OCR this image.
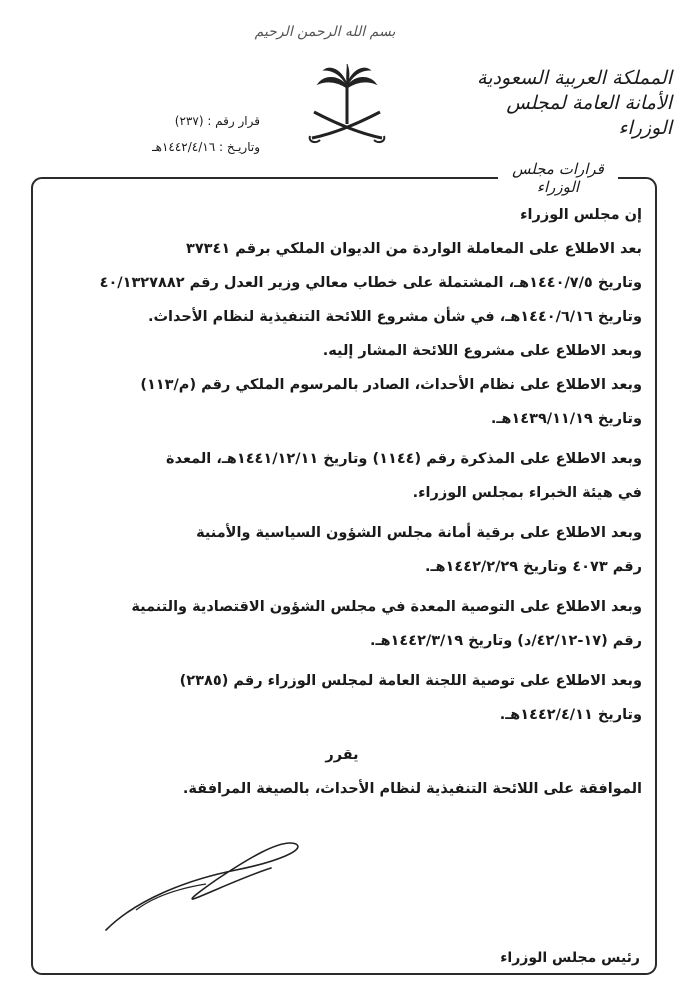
بسم الله الرحمن الرحيم
المملكة العربية السعودية
الأمانة العامة لمجلس الوزراء
قرار رقم : (٢٣٧)
وتاريـخ : ١٤٤٢/٤/١٦هـ
قرارات مجلس الوزراء
إن مجلس الوزراء
بعد الاطلاع على المعاملة الواردة من الديوان الملكي برقم ٣٧٣٤١
وتاريخ ١٤٤٠/٧/٥هـ، المشتملة على خطاب معالي وزير العدل رقم ٤٠/١٣٢٧٨٨٢
وتاريخ ١٤٤٠/٦/١٦هـ، في شأن مشروع اللائحة التنفيذية لنظام الأحداث.
وبعد الاطلاع على مشروع اللائحة المشار إليه.
وبعد الاطلاع على نظام الأحداث، الصادر بالمرسوم الملكي رقم (م/١١٣)
وتاريخ ١٤٣٩/١١/١٩هـ.
وبعد الاطلاع على المذكرة رقم (١١٤٤) وتاريخ ١٤٤١/١٢/١١هـ، المعدة
في هيئة الخبراء بمجلس الوزراء.
وبعد الاطلاع على برقية أمانة مجلس الشؤون السياسية والأمنية
رقم ٤٠٧٣ وتاريخ ١٤٤٢/٢/٢٩هـ.
وبعد الاطلاع على التوصية المعدة في مجلس الشؤون الاقتصادية والتنمية
رقم (١٧-٤٢/١٢/د) وتاريخ ١٤٤٢/٣/١٩هـ.
وبعد الاطلاع على توصية اللجنة العامة لمجلس الوزراء رقم (٢٣٨٥)
وتاريخ ١٤٤٢/٤/١١هـ.
يقرر
الموافقة على اللائحة التنفيذية لنظام الأحداث، بالصيغة المرافقة.
رئيس مجلس الوزراء
